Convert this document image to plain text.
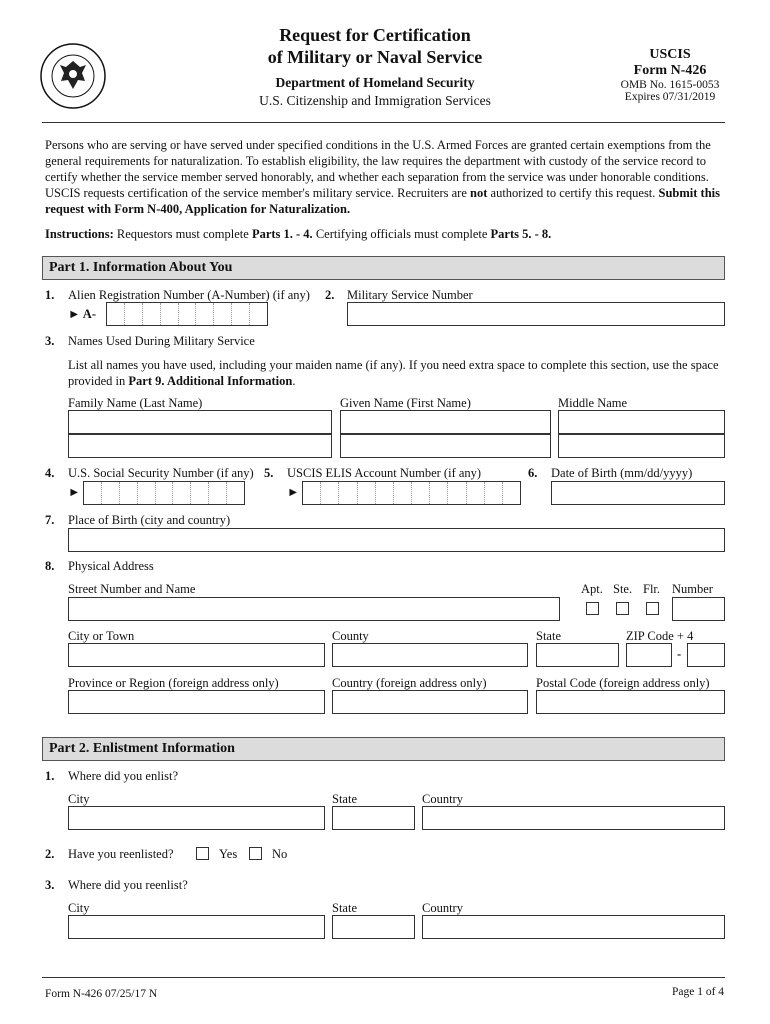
Request for Certification
of Military or Naval Service
Department of Homeland Security
U.S. Citizenship and Immigration Services
USCIS
Form N-426
OMB No. 1615-0053
Expires 07/31/2019
Persons who are serving or have served under specified conditions in the U.S. Armed Forces are granted certain exemptions from the general requirements for naturalization. To establish eligibility, the law requires the department with custody of the service record to certify whether the service member served honorably, and whether each separation from the service was under honorable conditions. USCIS requests certification of the service member's military service. Recruiters are not authorized to certify this request. Submit this request with Form N-400, Application for Naturalization.
Instructions: Requestors must complete Parts 1. - 4. Certifying officials must complete Parts 5. - 8.
Part 1. Information About You
1. Alien Registration Number (A-Number) (if any)
► A-
2. Military Service Number
3. Names Used During Military Service
List all names you have used, including your maiden name (if any). If you need extra space to complete this section, use the space provided in Part 9. Additional Information.
Family Name (Last Name)	Given Name (First Name)	Middle Name
4. U.S. Social Security Number (if any)
►
5. USCIS ELIS Account Number (if any)
►
6. Date of Birth (mm/dd/yyyy)
7. Place of Birth (city and country)
8. Physical Address
Street Number and Name	Apt. Ste. Flr. Number
City or Town	County	State	ZIP Code + 4
-
Province or Region (foreign address only)	Country (foreign address only)	Postal Code (foreign address only)
Part 2. Enlistment Information
1. Where did you enlist?
City	State	Country
2. Have you reenlisted?	Yes	No
3. Where did you reenlist?
City	State	Country
Form N-426 07/25/17 N	Page 1 of 4
